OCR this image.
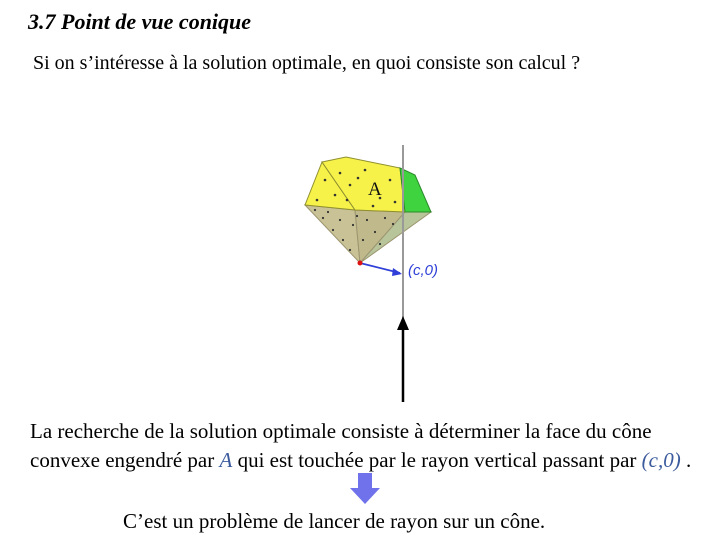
3.7 Point de vue conique
Si on s’intéresse à la solution optimale, en quoi consiste son calcul ?
A
(c,0)
La recherche de la solution optimale consiste à déterminer la face du cône convexe engendré par A qui est touchée par le rayon vertical passant par (c,0) .
C’est un problème de lancer de rayon sur un cône.
